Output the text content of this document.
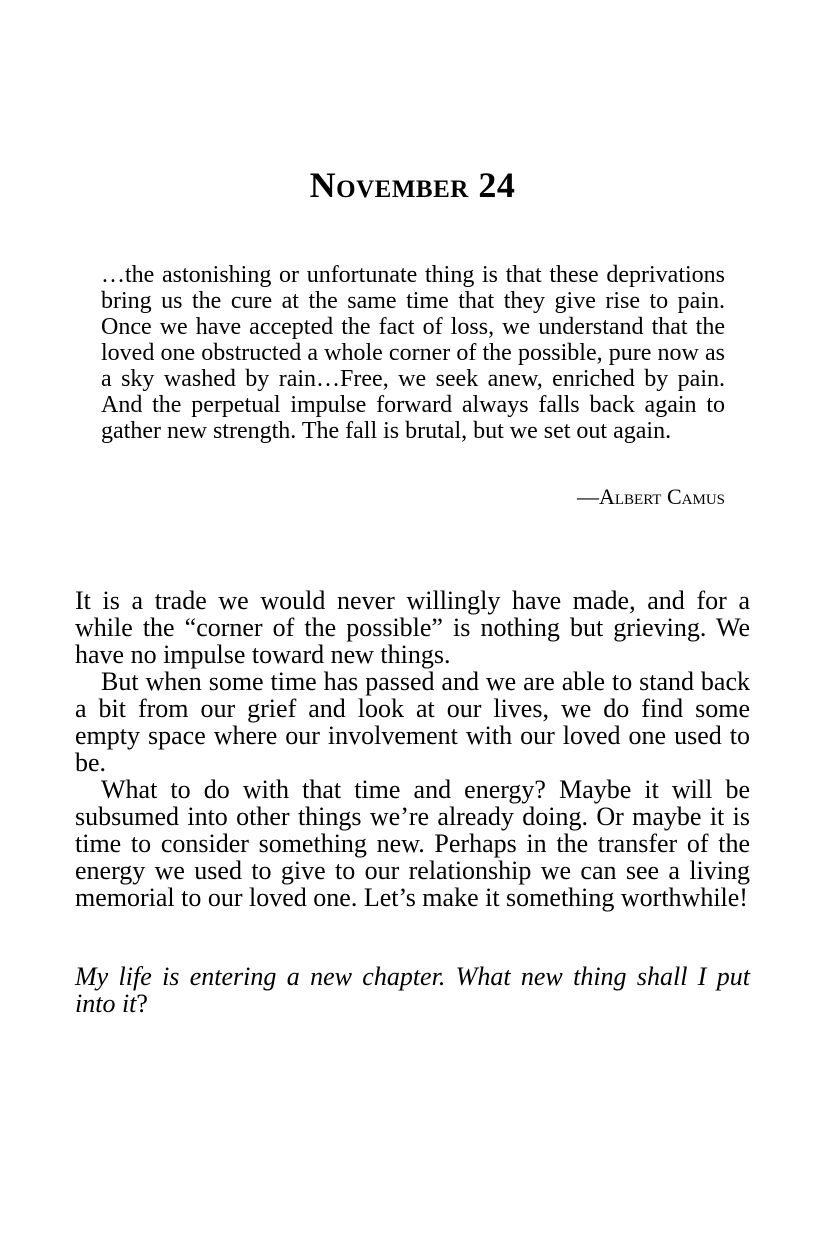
November 24

…the astonishing or unfortunate thing is that these deprivations bring us the cure at the same time that they give rise to pain. Once we have accepted the fact of loss, we understand that the loved one obstructed a whole corner of the possible, pure now as a sky washed by rain…Free, we seek anew, enriched by pain. And the perpetual impulse forward always falls back again to gather new strength. The fall is brutal, but we set out again.

—Albert Camus

It is a trade we would never willingly have made, and for a while the “corner of the possible” is nothing but grieving. We have no impulse toward new things.

But when some time has passed and we are able to stand back a bit from our grief and look at our lives, we do find some empty space where our involvement with our loved one used to be.

What to do with that time and energy? Maybe it will be subsumed into other things we’re already doing. Or maybe it is time to consider something new. Perhaps in the transfer of the energy we used to give to our relationship we can see a living memorial to our loved one. Let’s make it something worthwhile!

My life is entering a new chapter. What new thing shall I put into it?
